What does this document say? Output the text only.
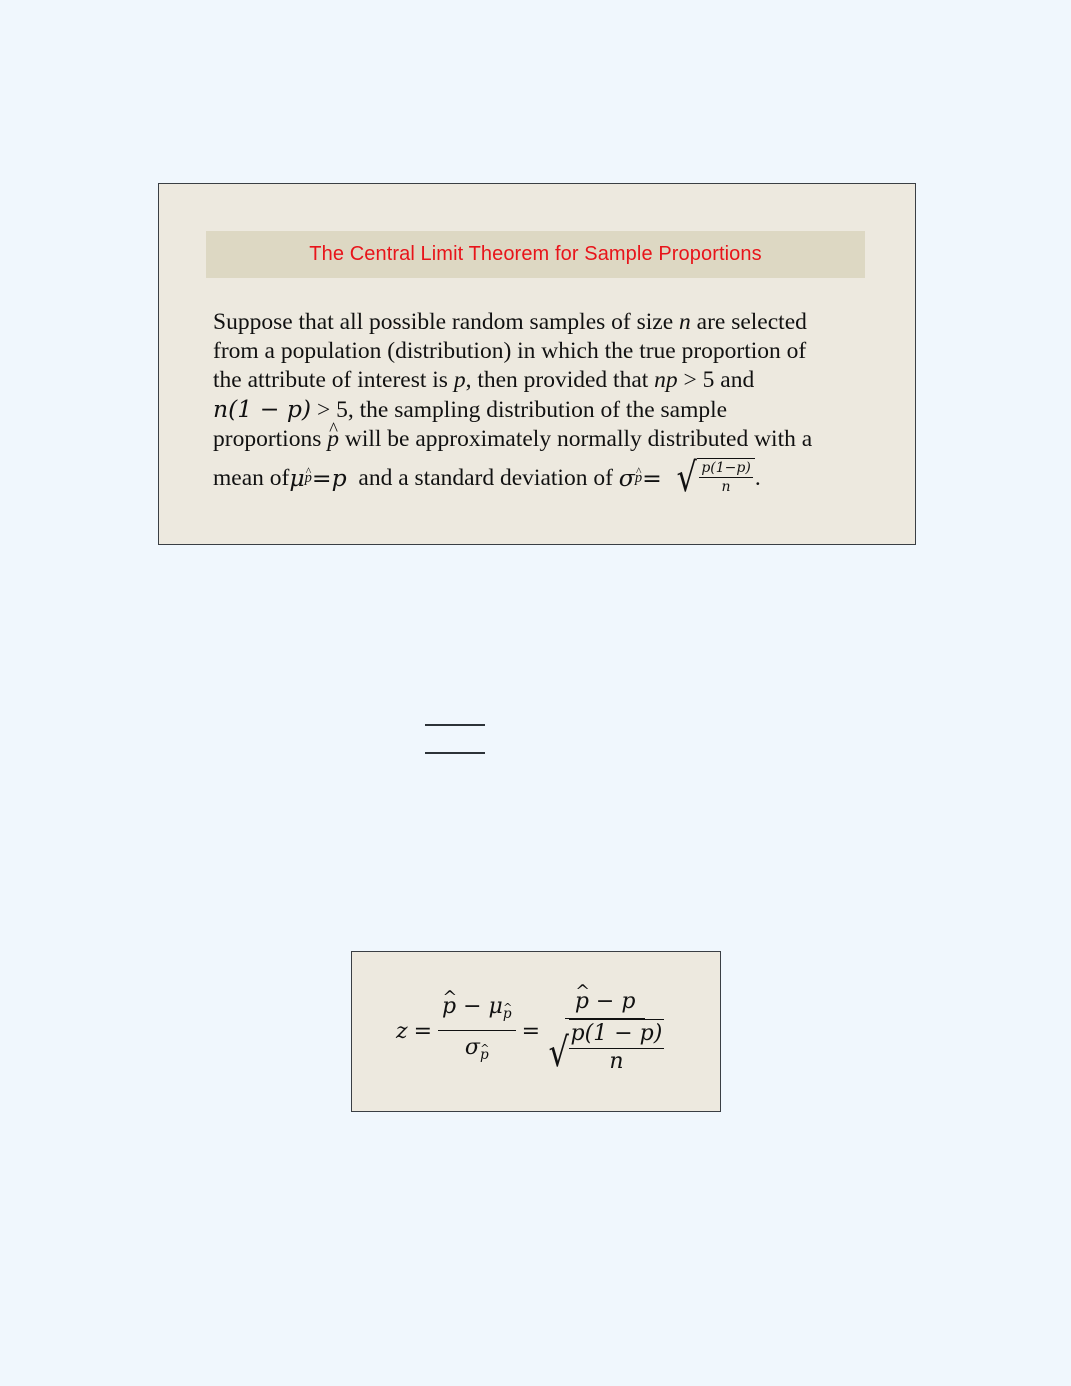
The Central Limit Theorem for Sample Proportions

Suppose that all possible random samples of size n are selected

from a population (distribution) in which the true proportion of

the attribute of interest is p, then provided that np > 5 and

n(1 − p) > 5, the sampling distribution of the sample

proportions ^ p will be approximately normally distributed with a

mean of μ ^ p = p and a standard deviation of σ ^ p = √ $\frac{p(1-p)}{n}$ .
z = ^ $\frac{p - \mu\^{} p}{\sigma\^{} p}$ = ^ p − p
√ p(1 − p)
n
